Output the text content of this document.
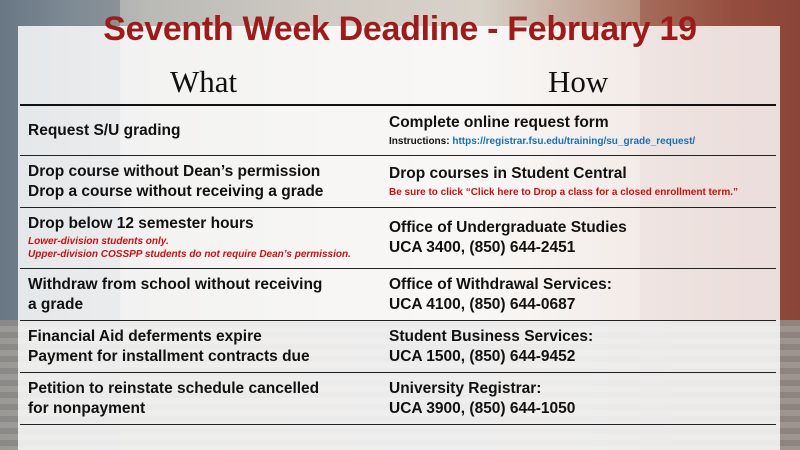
Seventh Week Deadline - February 19
What	How
Request S/U grading	Complete online request form
Instructions: https://registrar.fsu.edu/training/su_grade_request/
Drop course without Dean’s permission
Drop a course without receiving a grade
Drop courses in Student Central
Be sure to click “Click here to Drop a class for a closed enrollment term.”
Drop below 12 semester hours
Lower-division students only.
Upper-division COSSPP students do not require Dean’s permission.
Office of Undergraduate Studies
UCA 3400, (850) 644-2451
Withdraw from school without receiving
a grade
Office of Withdrawal Services:
UCA 4100, (850) 644-0687
Financial Aid deferments expire
Payment for installment contracts due
Student Business Services:
UCA 1500, (850) 644-9452
Petition to reinstate schedule cancelled
for nonpayment
University Registrar:
UCA 3900, (850) 644-1050
